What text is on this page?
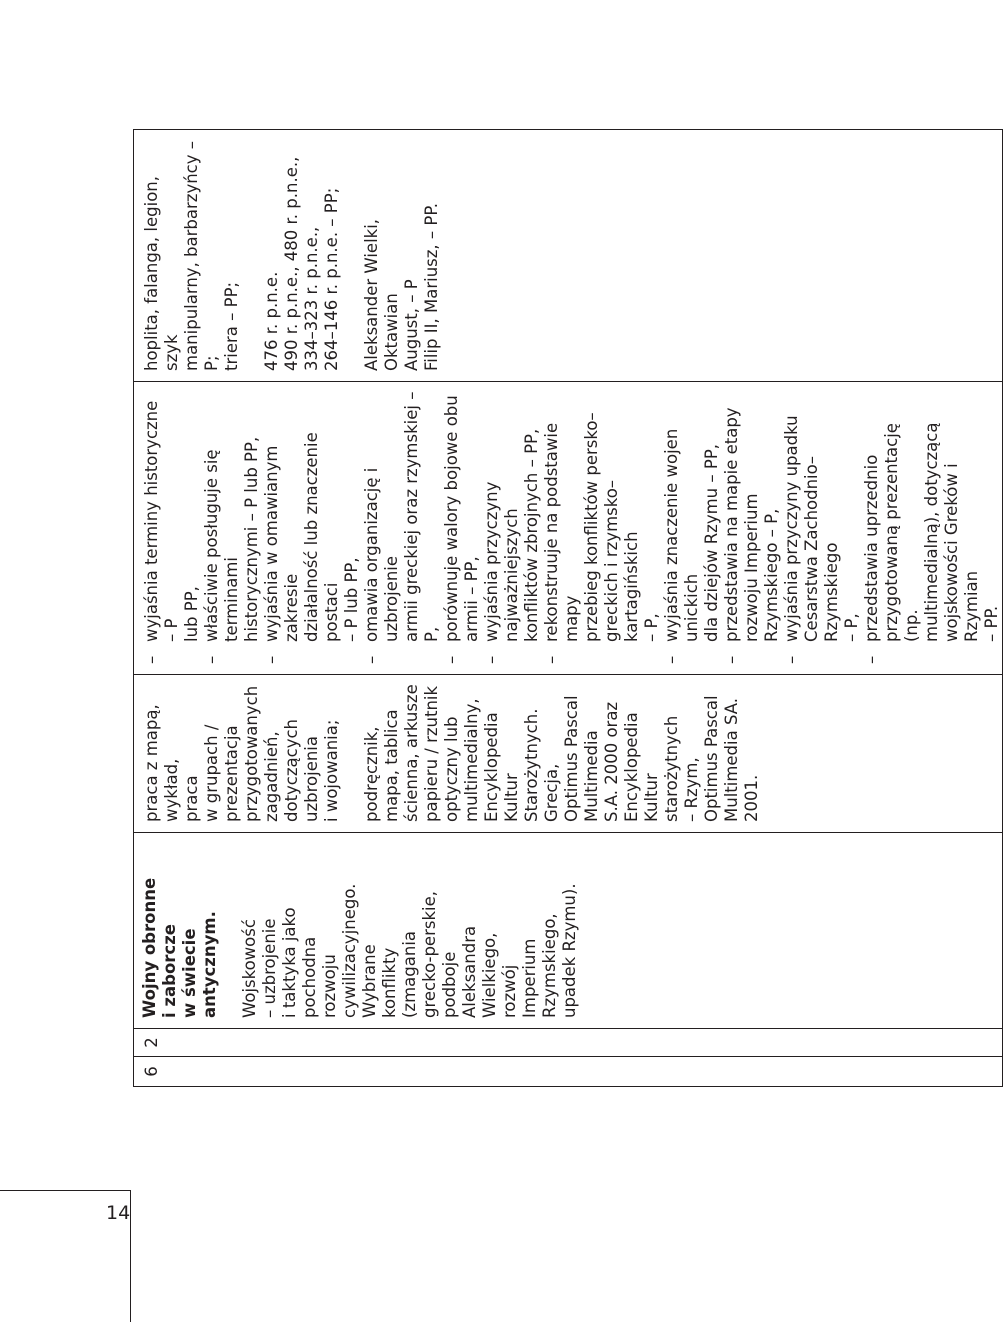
14
6	2	
Wojny obronne
i zaborcze
w świecie
antycznym. Wojskowość
– uzbrojenie
i taktyka jako
pochodna
rozwoju
cywilizacyjnego.
Wybrane
konflikty
(zmagania
grecko-perskie,
podboje
Aleksandra
Wielkiego,
rozwój
Imperium
Rzymskiego,
upadek Rzymu).

praca z mapą,
wykład,
praca
w grupach /
prezentacja
przygotowanych
zagadnień,
dotyczących
uzbrojenia
i wojowania; podręcznik,
mapa, tablica
ścienna, arkusze
papieru / rzutnik
optyczny lub
multimedialny,
Encyklopedia
Kultur
Starożytnych.
Grecja,
Optimus Pascal
Multimedia
S.A. 2000 oraz
Encyklopedia
Kultur
starożytnych
– Rzym,
Optimus Pascal
Multimedia SA.
2001.

–
wyjaśnia terminy historyczne – P
lub PP,
–
właściwie posługuje się terminami
historycznymi – P lub PP,
–
wyjaśnia w omawianym zakresie
działalność lub znaczenie postaci
– P lub PP,
–
omawia organizację i uzbrojenie
armii greckiej oraz rzymskiej – P,
–
porównuje walory bojowe obu
armii – PP,
–
wyjaśnia przyczyny najważniejszych
konfliktów zbrojnych – PP,
–
rekonstruuje na podstawie mapy
przebieg konfliktów persko–
greckich i rzymsko–kartagińskich
– P,
–
wyjaśnia znaczenie wojen unickich
dla dziejów Rzymu – PP,
–
przedstawia na mapie etapy
rozwoju Imperium Rzymskiego – P,
–
wyjaśnia przyczyny upadku
Cesarstwa Zachodnio–Rzymskiego
– P,
–
przedstawia uprzednio
przygotowaną prezentację (np.
multimedialną), dotyczącą
wojskowości Greków i Rzymian
– PP.

hoplita, falanga, legion, szyk
manipularny, barbarzyńcy – P;
triera – PP;
476 r. p.n.e.
490 r. p.n.e., 480 r. p.n.e.,
334–323 r. p.n.e.,
264–146 r. p.n.e. – PP;
Aleksander Wielki, Oktawian
August, – P
Filip II, Mariusz, – PP.
